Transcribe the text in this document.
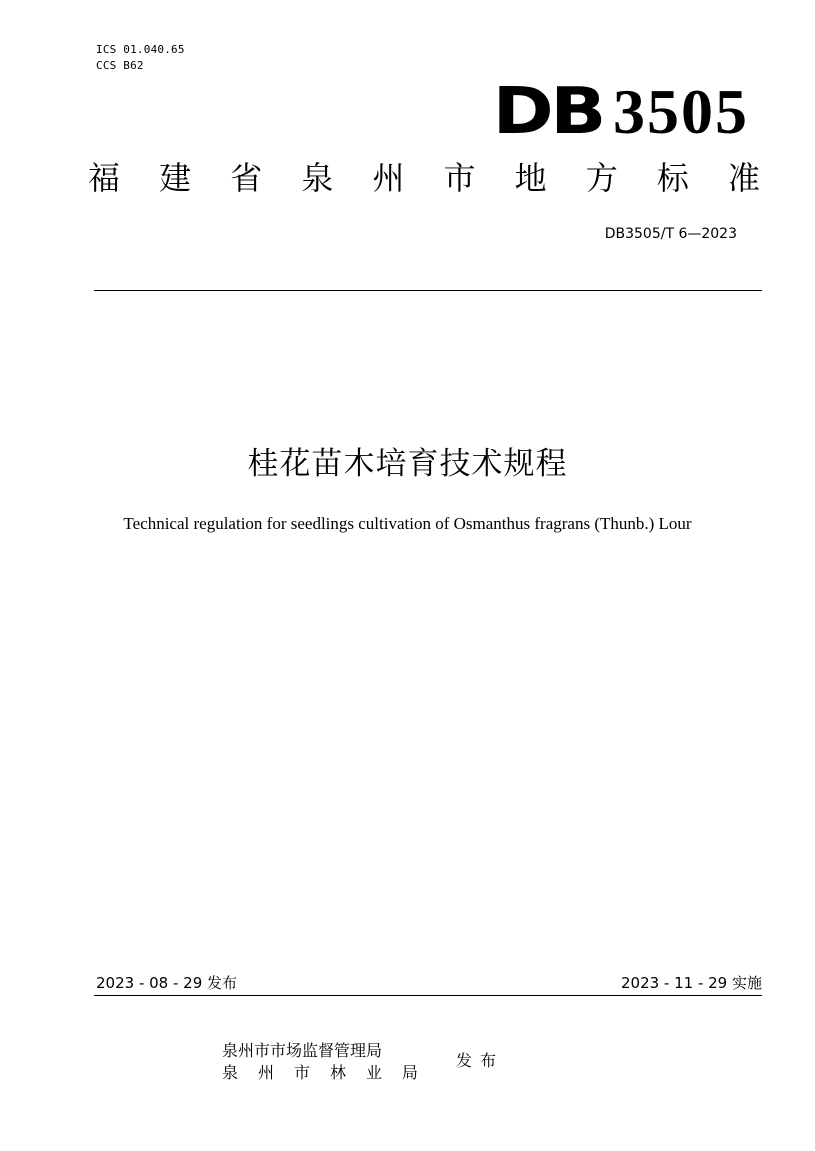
ICS 01.040.65
CCS B62
DB 3505
福 建 省 泉 州 市 地 方 标 准
DB3505/T 6—2023
桂花苗木培育技术规程
Technical regulation for seedlings cultivation of Osmanthus fragrans (Thunb.) Lour
2023 - 08 - 29 发布	2023 - 11 - 29 实施
泉州市市场监督管理局
泉 州 市 林 业 局
发布
